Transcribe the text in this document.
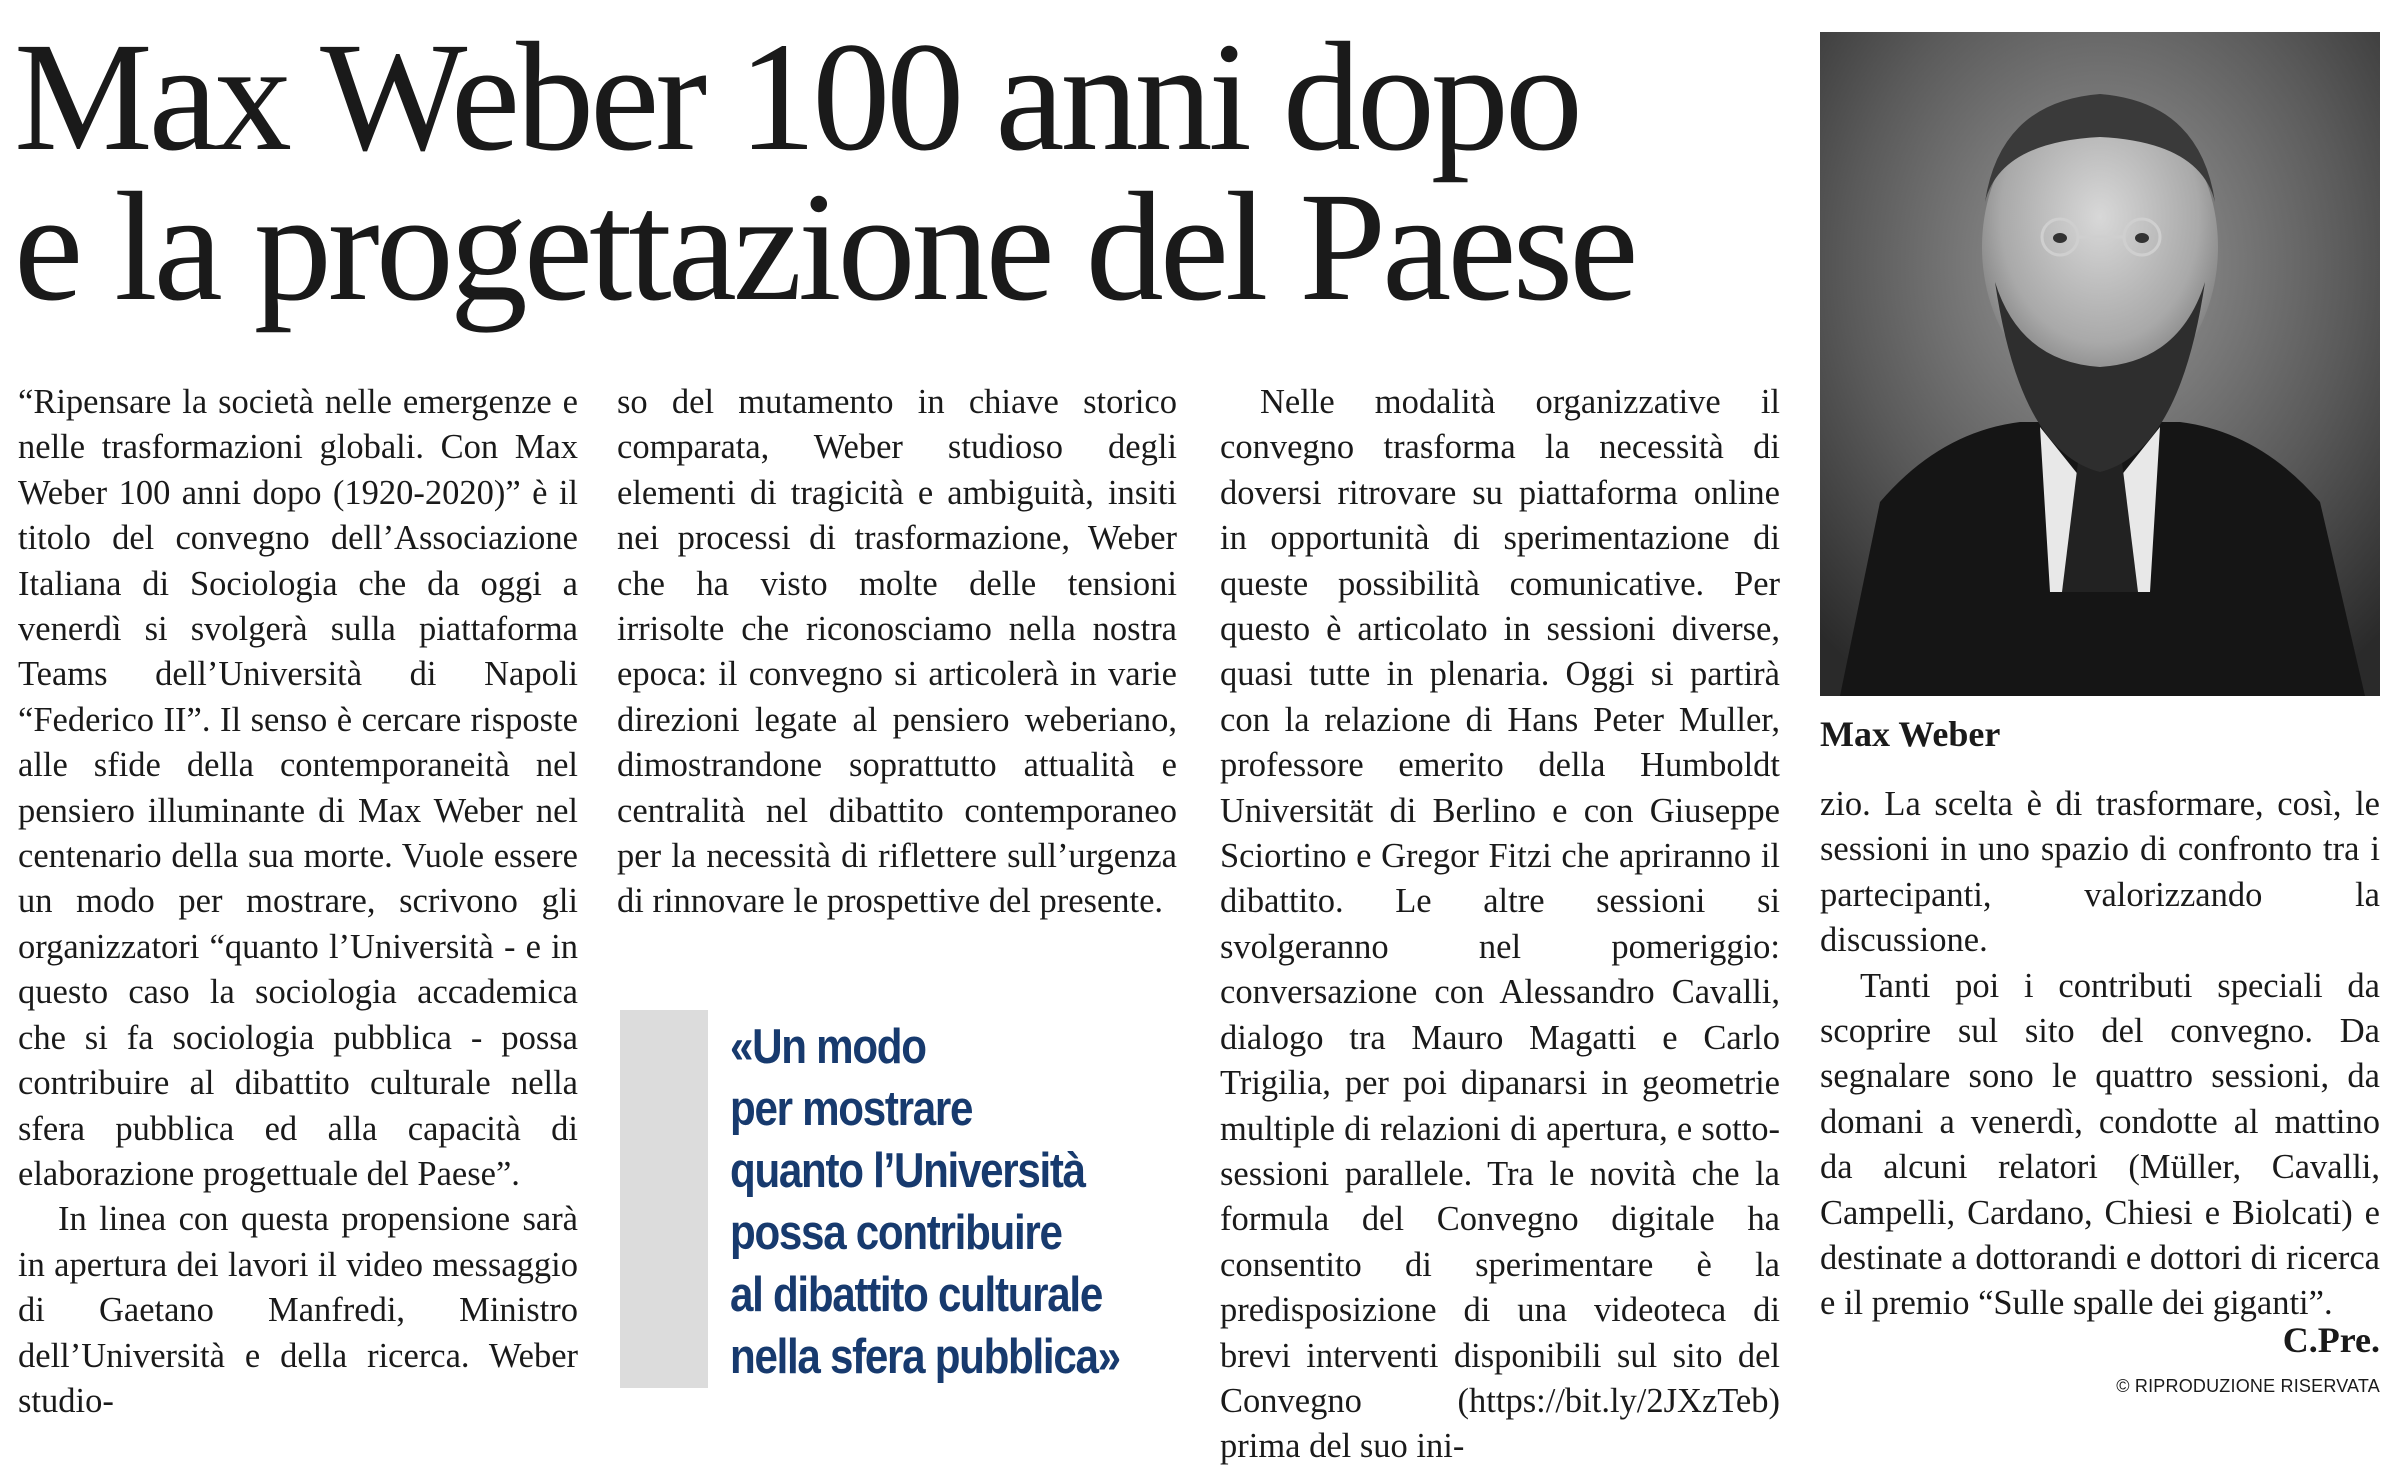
Max Weber 100 anni dopo
e la progettazione del Paese

“Ripensare la società nelle emergenze e nelle trasformazioni globali. Con Max Weber 100 anni dopo (1920-2020)” è il titolo del convegno dell’Associazione Italiana di Sociologia che da oggi a venerdì si svolgerà sulla piattaforma Teams dell’Università di Napoli “Federico II”. Il senso è cercare risposte alle sfide della contemporaneità nel pensiero illuminante di Max Weber nel centenario della sua morte. Vuole essere un modo per mostrare, scrivono gli organizzatori “quanto l’Università - e in questo caso la sociologia accademica che si fa sociologia pubblica - possa contribuire al dibattito culturale nella sfera pubblica ed alla capacità di elaborazione progettuale del Paese”.

In linea con questa propensione sarà in apertura dei lavori il video messaggio di Gaetano Manfredi, Ministro dell’Università e della ricerca. Weber studio-

so del mutamento in chiave storico comparata, Weber studioso degli elementi di tragicità e ambiguità, insiti nei processi di trasformazione, Weber che ha visto molte delle tensioni irrisolte che riconosciamo nella nostra epoca: il convegno si articolerà in varie direzioni legate al pensiero weberiano, dimostrandone soprattutto attualità e centralità nel dibattito contemporaneo per la necessità di riflettere sull’urgenza di rinnovare le prospettive del presente.

«Un modo
per mostrare
quanto l’Università
possa contribuire
al dibattito culturale
nella sfera pubblica»

Nelle modalità organizzative il convegno trasforma la necessità di doversi ritrovare su piattaforma online in opportunità di sperimentazione di queste possibilità comunicative. Per questo è articolato in sessioni diverse, quasi tutte in plenaria. Oggi si partirà con la relazione di Hans Peter Muller, professore emerito della Humboldt Universität di Berlino e con Giuseppe Sciortino e Gregor Fitzi che apriranno il dibattito. Le altre sessioni si svolgeranno nel pomeriggio: conversazione con Alessandro Cavalli, dialogo tra Mauro Magatti e Carlo Trigilia, per poi dipanarsi in geometrie multiple di relazioni di apertura, e sotto-sessioni parallele. Tra le novità che la formula del Convegno digitale ha consentito di sperimentare è la predisposizione di una videoteca di brevi interventi disponibili sul sito del Convegno (https://bit.ly/2JXzTeb) prima del suo ini-

Max Weber

zio. La scelta è di trasformare, così, le sessioni in uno spazio di confronto tra i partecipanti, valorizzando la discussione.

Tanti poi i contributi speciali da scoprire sul sito del convegno. Da segnalare sono le quattro sessioni, da domani a venerdì, condotte al mattino da alcuni relatori (Müller, Cavalli, Campelli, Cardano, Chiesi e Biolcati) e destinate a dottorandi e dottori di ricerca e il premio “Sulle spalle dei giganti”.

C.Pre.
© RIPRODUZIONE RISERVATA
